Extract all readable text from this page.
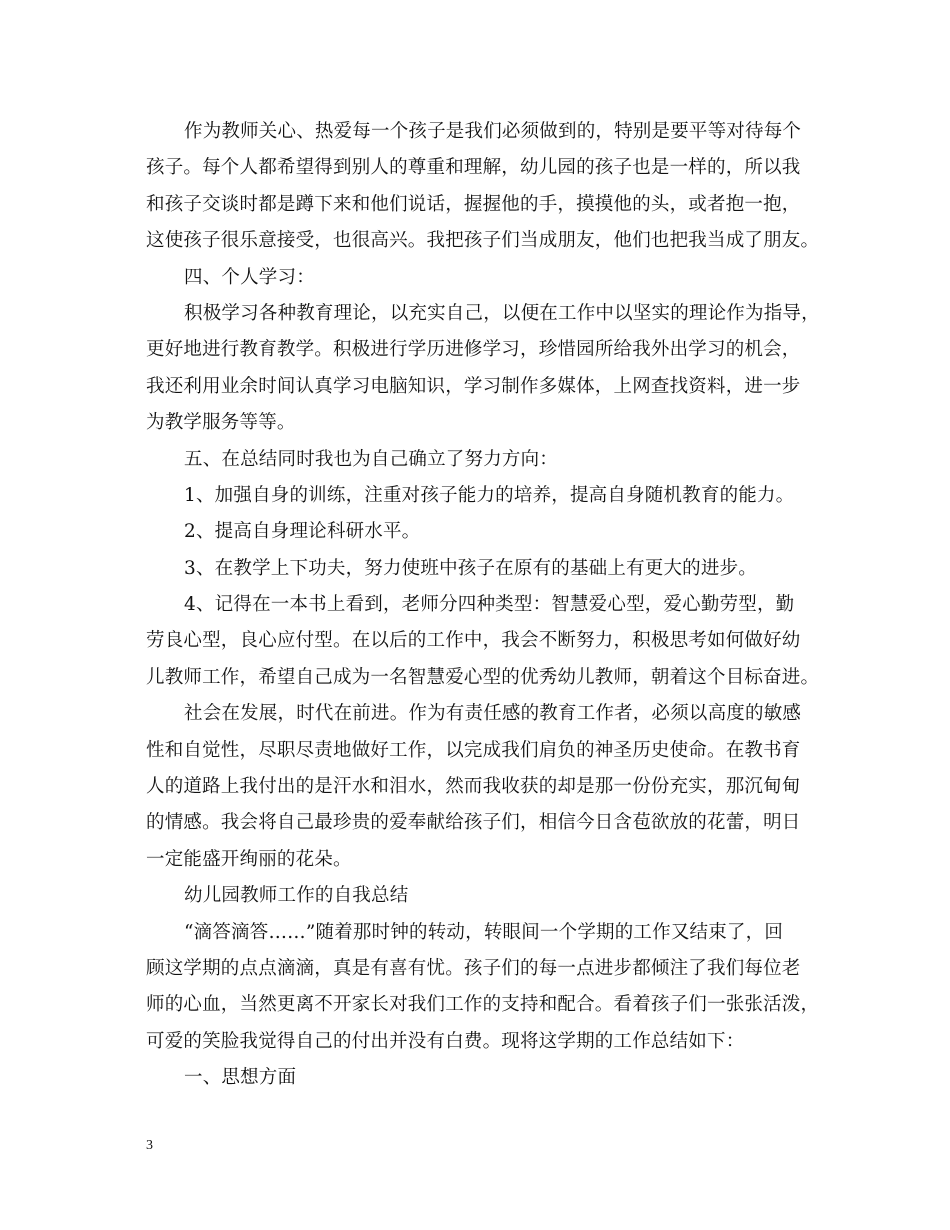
作为教师关心、热爱每一个孩子是我们必须做到的，特别是要平等对待每个
孩子。每个人都希望得到别人的尊重和理解，幼儿园的孩子也是一样的，所以我
和孩子交谈时都是蹲下来和他们说话，握握他的手，摸摸他的头，或者抱一抱，
这使孩子很乐意接受，也很高兴。我把孩子们当成朋友，他们也把我当成了朋友。
四、个人学习：
积极学习各种教育理论，以充实自己，以便在工作中以坚实的理论作为指导，
更好地进行教育教学。积极进行学历进修学习，珍惜园所给我外出学习的机会，
我还利用业余时间认真学习电脑知识，学习制作多媒体，上网查找资料，进一步
为教学服务等等。
五、在总结同时我也为自己确立了努力方向：
1、加强自身的训练，注重对孩子能力的培养，提高自身随机教育的能力。
2、提高自身理论科研水平。
3、在教学上下功夫，努力使班中孩子在原有的基础上有更大的进步。
4、记得在一本书上看到，老师分四种类型：智慧爱心型，爱心勤劳型，勤
劳良心型，良心应付型。在以后的工作中，我会不断努力，积极思考如何做好幼
儿教师工作，希望自己成为一名智慧爱心型的优秀幼儿教师，朝着这个目标奋进。
社会在发展，时代在前进。作为有责任感的教育工作者，必须以高度的敏感
性和自觉性，尽职尽责地做好工作，以完成我们肩负的神圣历史使命。在教书育
人的道路上我付出的是汗水和泪水，然而我收获的却是那一份份充实，那沉甸甸
的情感。我会将自己最珍贵的爱奉献给孩子们，相信今日含苞欲放的花蕾，明日
一定能盛开绚丽的花朵。
幼儿园教师工作的自我总结
“滴答滴答……”随着那时钟的转动，转眼间一个学期的工作又结束了，回
顾这学期的点点滴滴，真是有喜有忧。孩子们的每一点进步都倾注了我们每位老
师的心血，当然更离不开家长对我们工作的支持和配合。看着孩子们一张张活泼，
可爱的笑脸我觉得自己的付出并没有白费。现将这学期的工作总结如下：
一、思想方面
3
